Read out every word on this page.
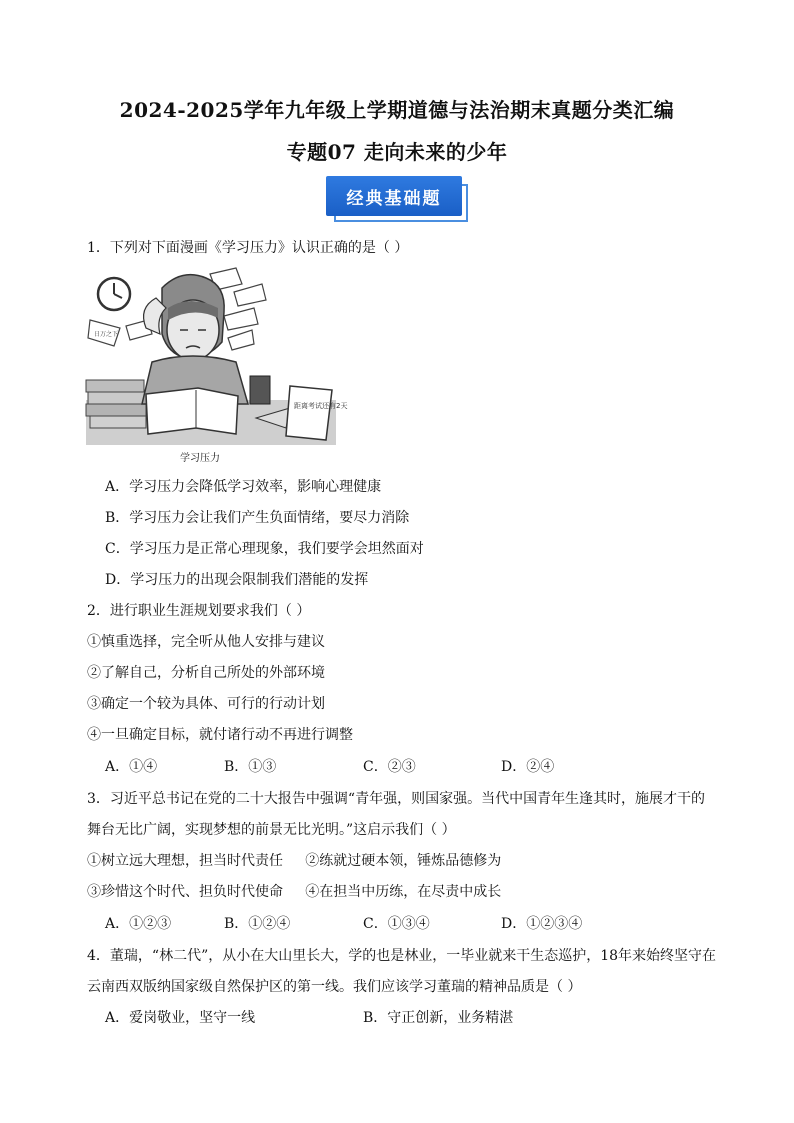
2024-2025学年九年级上学期道德与法治期末真题分类汇编
专题07 走向未来的少年
经典基础题
1．下列对下面漫画《学习压力》认识正确的是（ ）
日万之下
距离考试还有2天
学习压力
A．学习压力会降低学习效率，影响心理健康
B．学习压力会让我们产生负面情绪，要尽力消除
C．学习压力是正常心理现象，我们要学会坦然面对
D．学习压力的出现会限制我们潜能的发挥
2．进行职业生涯规划要求我们（ ）
①慎重选择，完全听从他人安排与建议
②了解自己，分析自己所处的外部环境
③确定一个较为具体、可行的行动计划
④一旦确定目标，就付诸行动不再进行调整
A．①④	B．①③	C．②③	D．②④
3．习近平总书记在党的二十大报告中强调“青年强，则国家强。当代中国青年生逢其时，施展才干的
舞台无比广阔，实现梦想的前景无比光明。”这启示我们（ ）
①树立远大理想，担当时代责任     ②练就过硬本领，锤炼品德修为
③珍惜这个时代、担负时代使命     ④在担当中历练，在尽责中成长
A．①②③	B．①②④	C．①③④	D．①②③④
4．董瑞，“林二代”，从小在大山里长大，学的也是林业，一毕业就来干生态巡护，18年来始终坚守在
云南西双版纳国家级自然保护区的第一线。我们应该学习董瑞的精神品质是（ ）
A．爱岗敬业，坚守一线	B．守正创新，业务精湛
